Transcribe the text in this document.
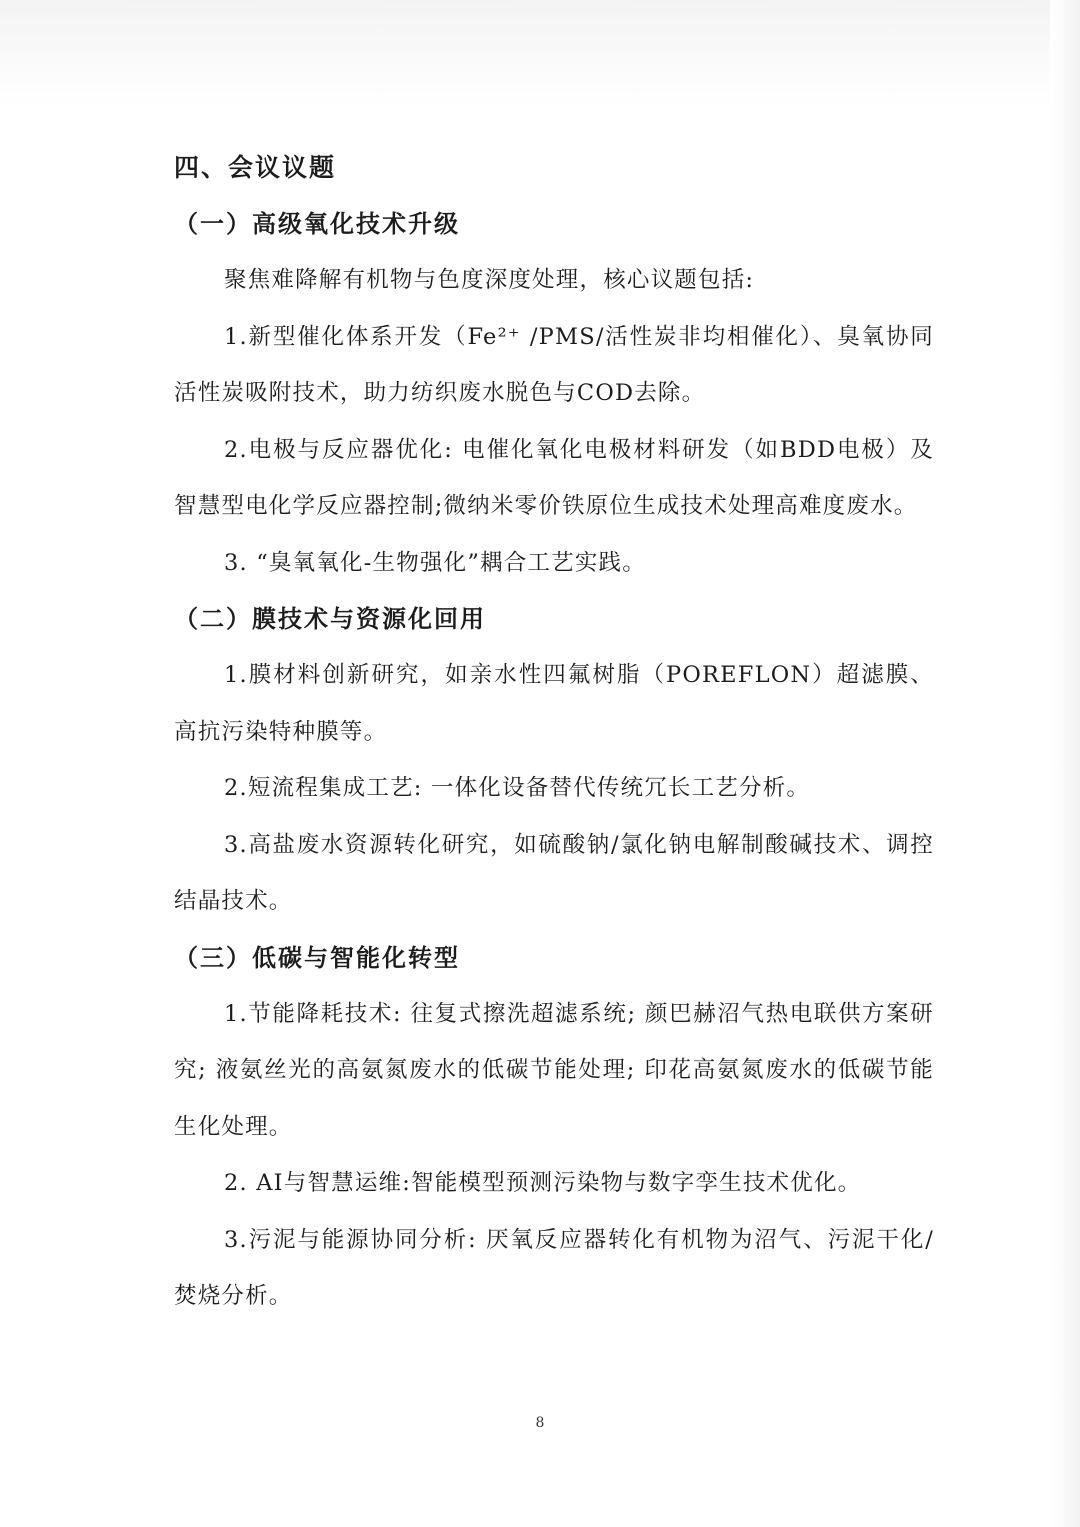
四、会议议题
（一）高级氧化技术升级

聚焦难降解有机物与色度深度处理，核心议题包括:

1.新型催化体系开发（Fe²⁺ /PMS/活性炭非均相催化）、臭氧协同活性炭吸附技术，助力纺织废水脱色与COD去除。

2.电极与反应器优化: 电催化氧化电极材料研发（如BDD电极）及智慧型电化学反应器控制;微纳米零价铁原位生成技术处理高难度废水。

3. “臭氧氧化-生物强化”耦合工艺实践。

（二）膜技术与资源化回用

1.膜材料创新研究，如亲水性四氟树脂（POREFLON）超滤膜、高抗污染特种膜等。

2.短流程集成工艺: 一体化设备替代传统冗长工艺分析。

3.高盐废水资源转化研究，如硫酸钠/氯化钠电解制酸碱技术、调控结晶技术。

（三）低碳与智能化转型

1.节能降耗技术: 往复式擦洗超滤系统; 颜巴赫沼气热电联供方案研究; 液氨丝光的高氨氮废水的低碳节能处理; 印花高氨氮废水的低碳节能生化处理。

2. AI与智慧运维:智能模型预测污染物与数字孪生技术优化。

3.污泥与能源协同分析: 厌氧反应器转化有机物为沼气、污泥干化/焚烧分析。

8
